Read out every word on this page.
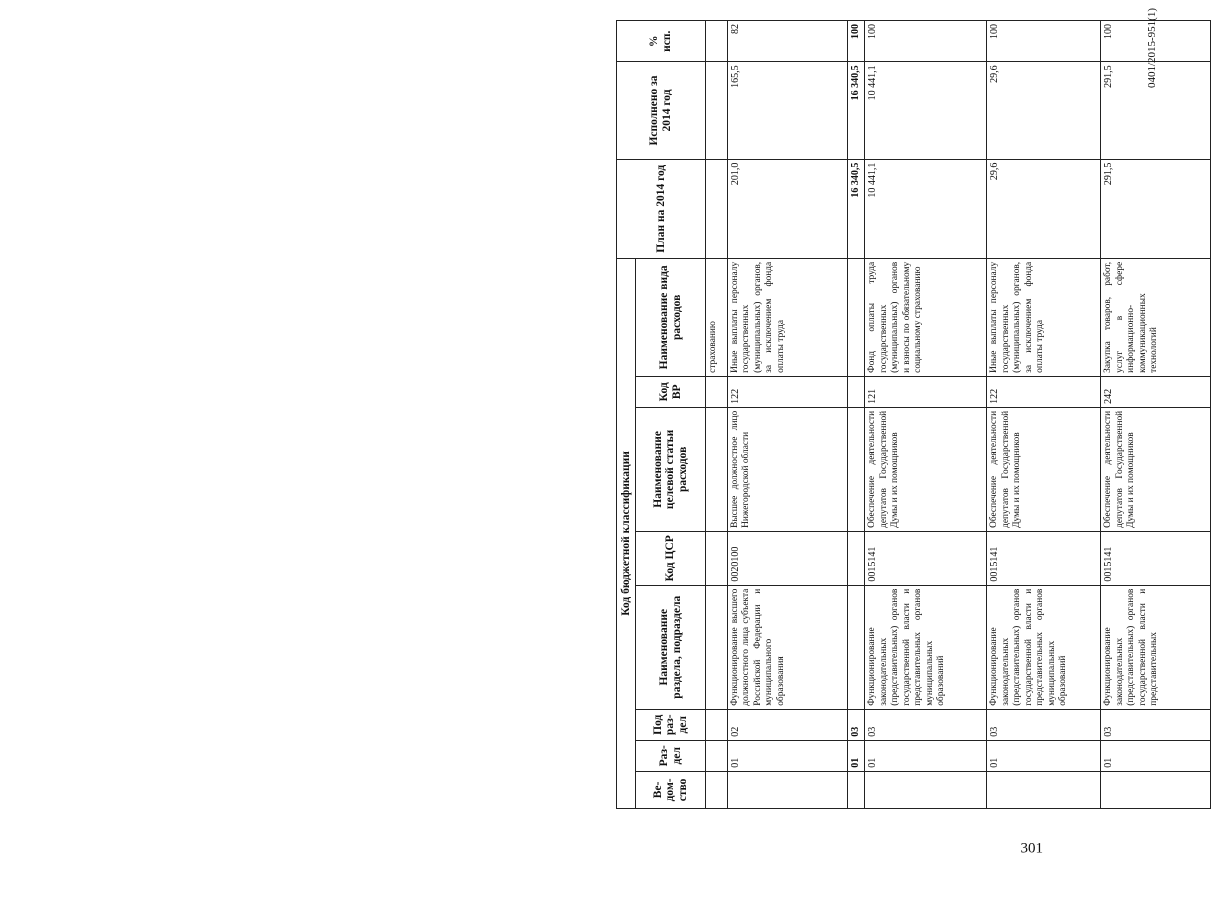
301
Код бюджетной классификации								План на 2014 год	Исполнено за 2014 год	% исп.
Ве-дом-ство	Раз-дел	Под раз-дел	Наименование раздела, подраздела	Код ЦСР	Наименование целевой статьи расходов	Код ВР	Наименование вида расходов			
							страхованию			
	01	02	Функционирование высшего должностного лица субъекта Российской Федерации и муниципального образования	0020100	Высшее должностное лицо Нижегородской области	122	Иные выплаты персоналу государственных (муниципальных) органов, за исключением фонда оплаты труда	201,0	165,5	82
	01	03						16 340,5	16 340,5	100
	01	03	Функционирование законодательных (представительных) органов государственной власти и представительных органов муниципальных образований	0015141	Обеспечение деятельности депутатов Государственной Думы и их помощников	121	Фонд оплаты труда государственных (муниципальных) органов и взносы по обязательному социальному страхованию	10 441,1	10 441,1	100
	01	03	Функционирование законодательных (представительных) органов государственной власти и представительных органов муниципальных образований	0015141	Обеспечение деятельности депутатов Государственной Думы и их помощников	122	Иные выплаты персоналу государственных (муниципальных) органов, за исключением фонда оплаты труда	29,6	29,6	100
	01	03	Функционирование законодательных (представительных) органов государственной власти и представительных	0015141	Обеспечение деятельности депутатов Государственной Думы и их помощников	242	Закупка товаров, работ, услуг в сфере информационно-коммуникационных технологий	291,5	291,5	100	0401/2015-951(1)
